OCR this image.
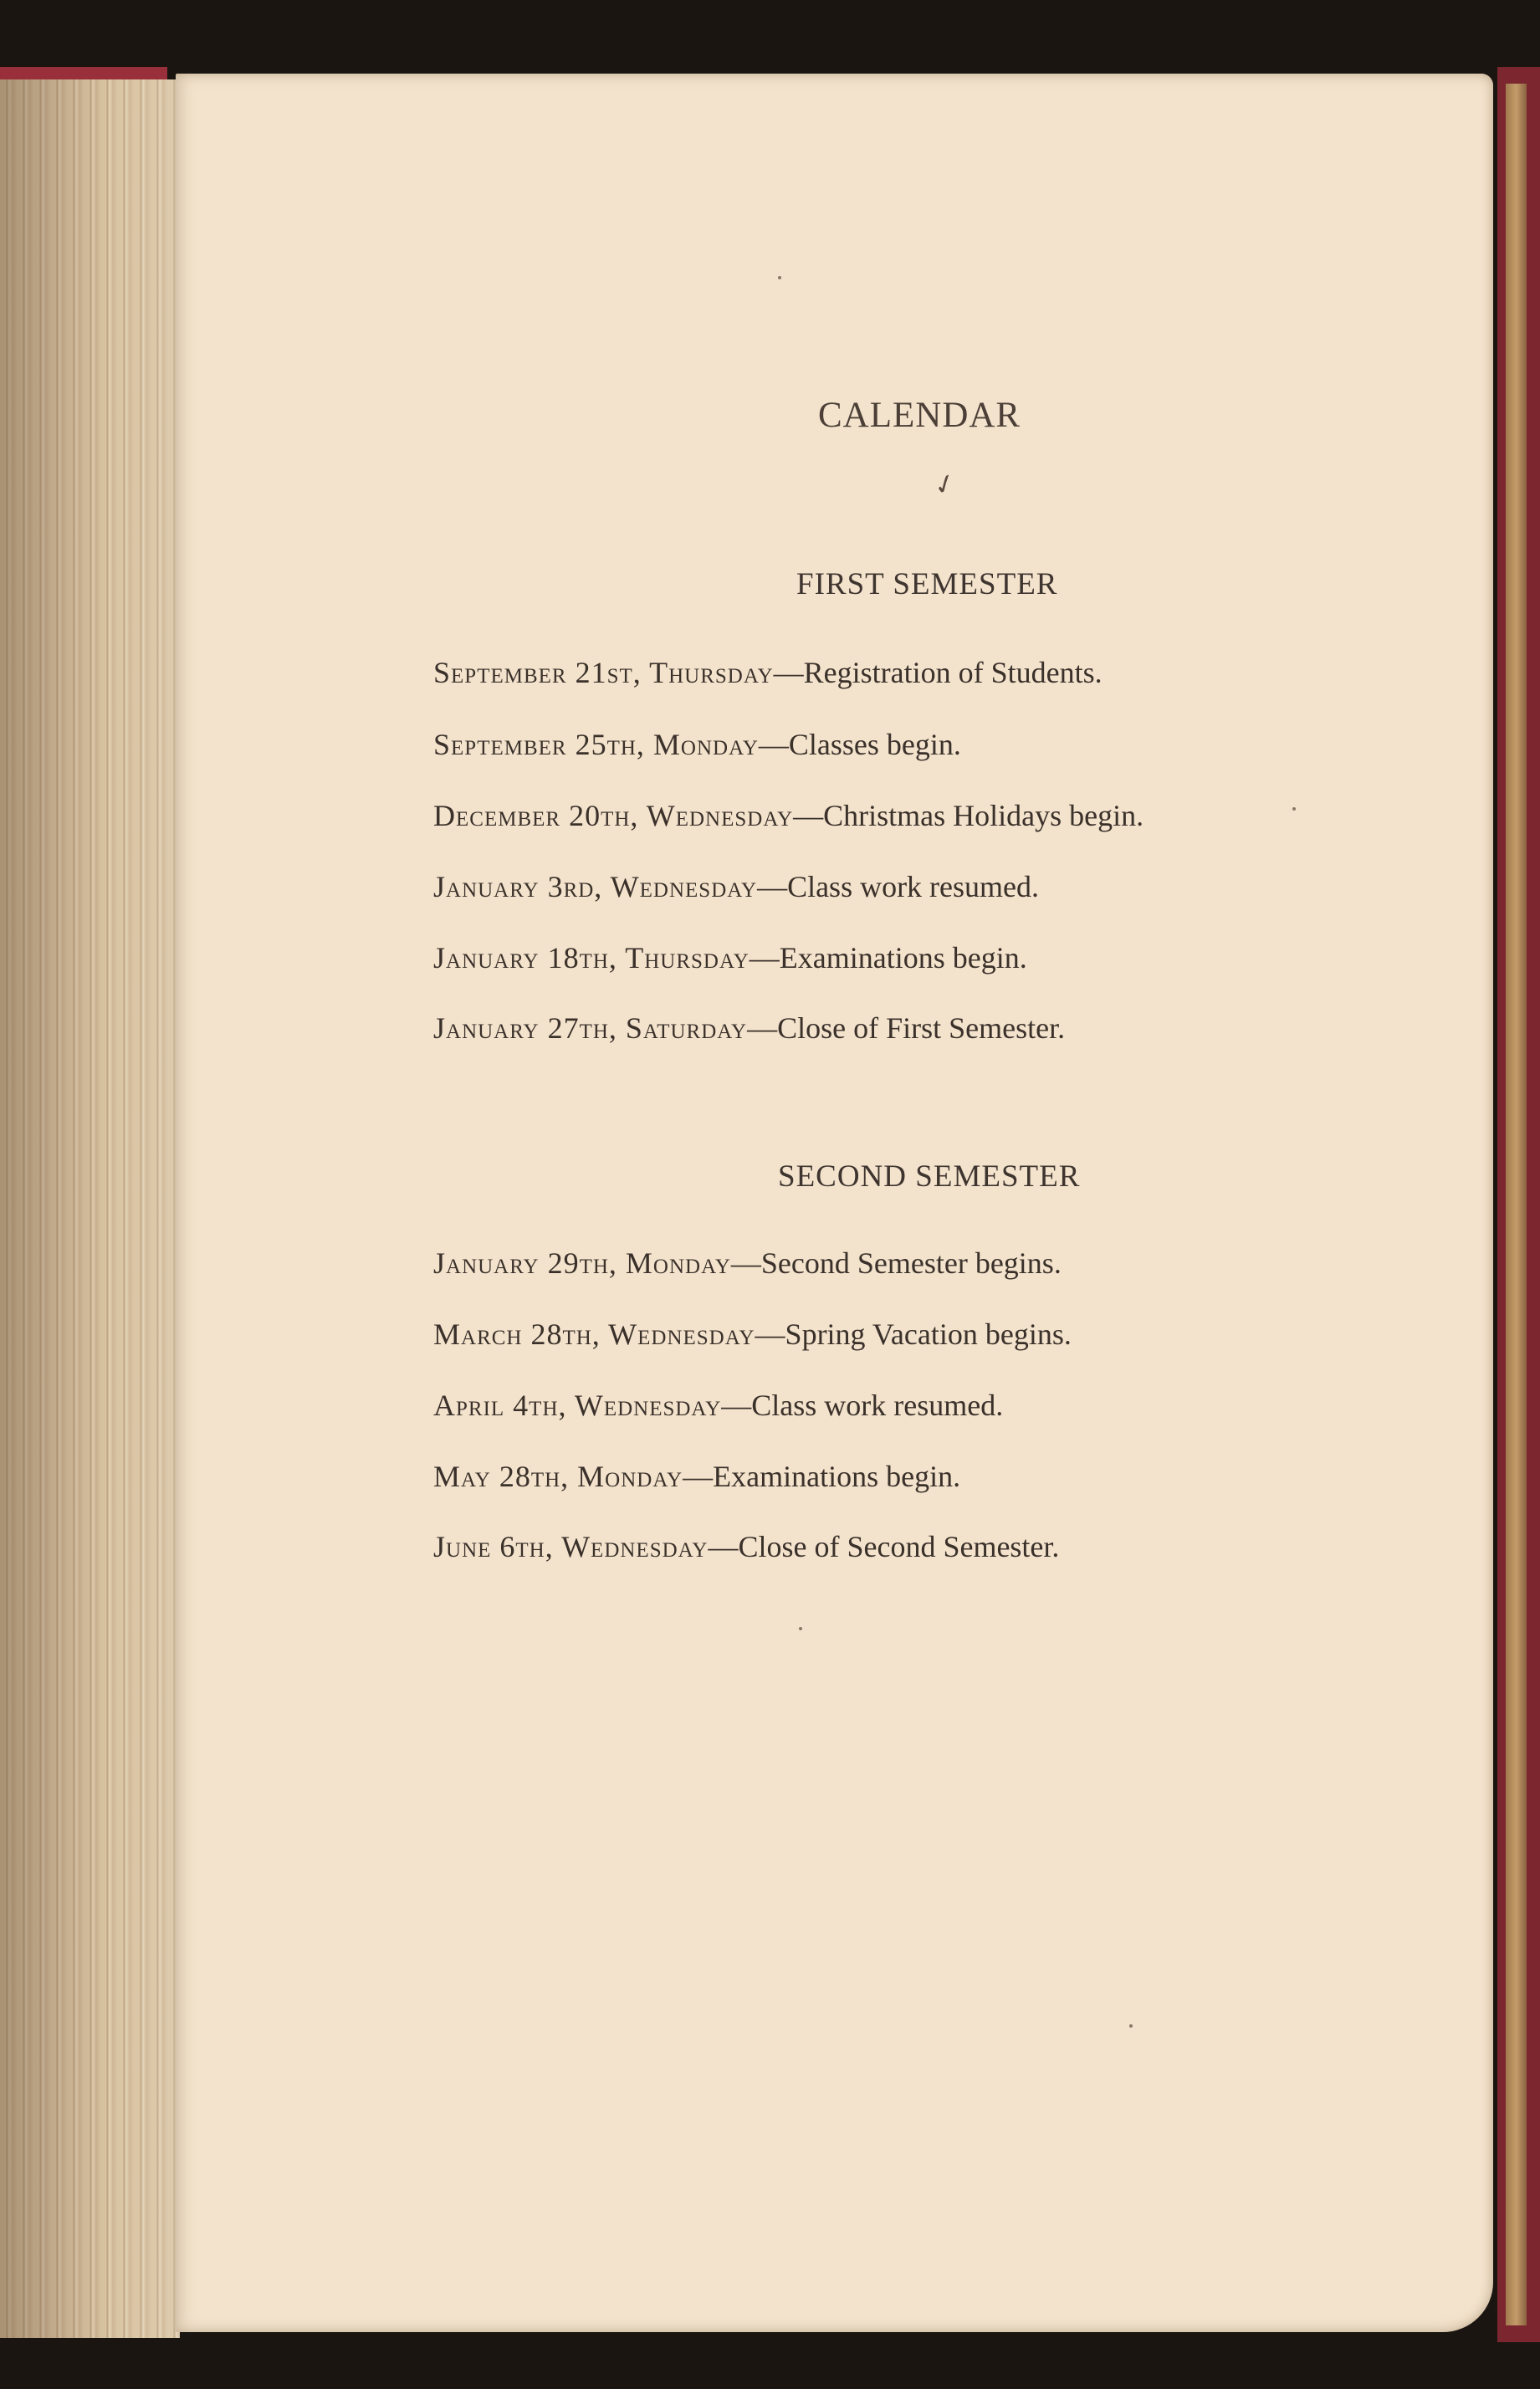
CALENDAR
✓
FIRST SEMESTER
September 21st, Thursday—Registration of Students.
September 25th, Monday—Classes begin.
December 20th, Wednesday—Christmas Holidays begin.
January 3rd, Wednesday—Class work resumed.
January 18th, Thursday—Examinations begin.
January 27th, Saturday—Close of First Semester.
SECOND SEMESTER
January 29th, Monday—Second Semester begins.
March 28th, Wednesday—Spring Vacation begins.
April 4th, Wednesday—Class work resumed.
May 28th, Monday—Examinations begin.
June 6th, Wednesday—Close of Second Semester.
